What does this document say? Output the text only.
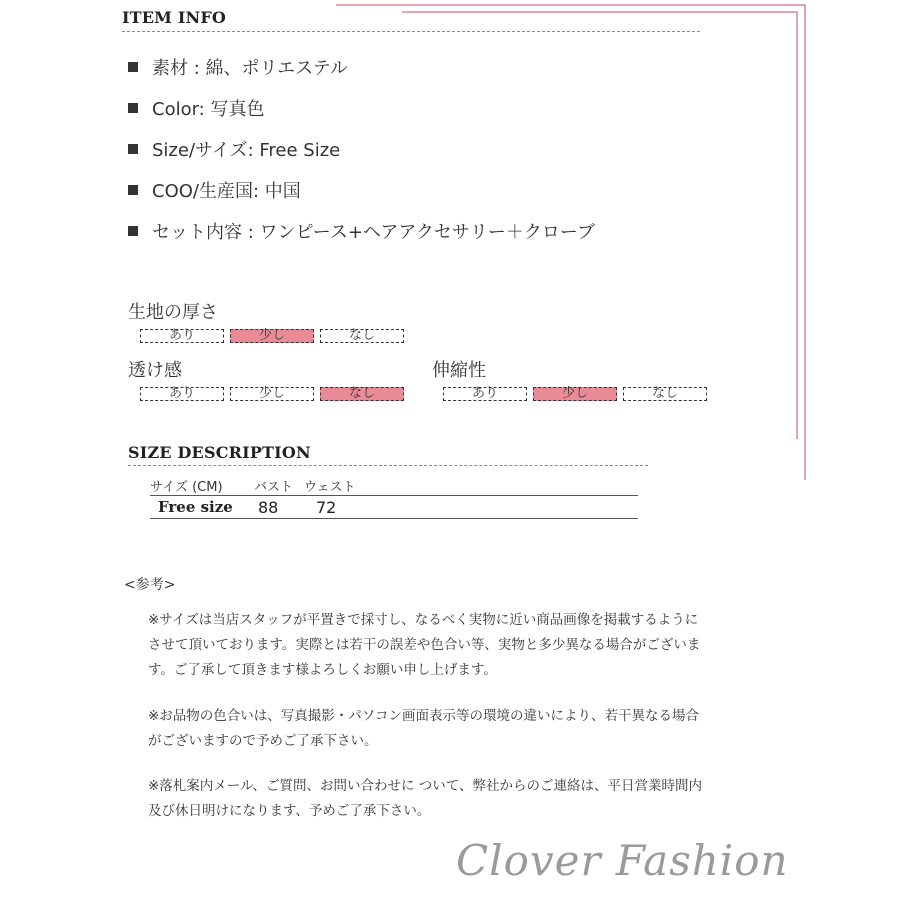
ITEM INFO
素材 : 綿、ポリエステル
Color: 写真色
Size/サイズ: Free Size
COO/生産国: 中国
セット内容 : ワンピース+ヘアアクセサリー＋クローブ
生地の厚さ
あり	少し	なし
透け感
あり	少し	なし
伸縮性
あり	少し	なし
SIZE DESCRIPTION
サイズ (CM) バスト ウェスト
Free size 88 72
<参考>
※サイズは当店スタッフが平置きで採寸し、なるべく実物に近い商品画像を掲載するようにさせて頂いております。実際とは若干の誤差や色合い等、実物と多少異なる場合がございます。ご了承して頂きます様よろしくお願い申し上げます。
※お品物の色合いは、写真撮影・パソコン画面表示等の環境の違いにより、若干異なる場合がございますので予めご了承下さい。
※落札案内メール、ご質問、お問い合わせに ついて、弊社からのご連絡は、平日営業時間内及び休日明けになります、予めご了承下さい。
Clover Fashion
